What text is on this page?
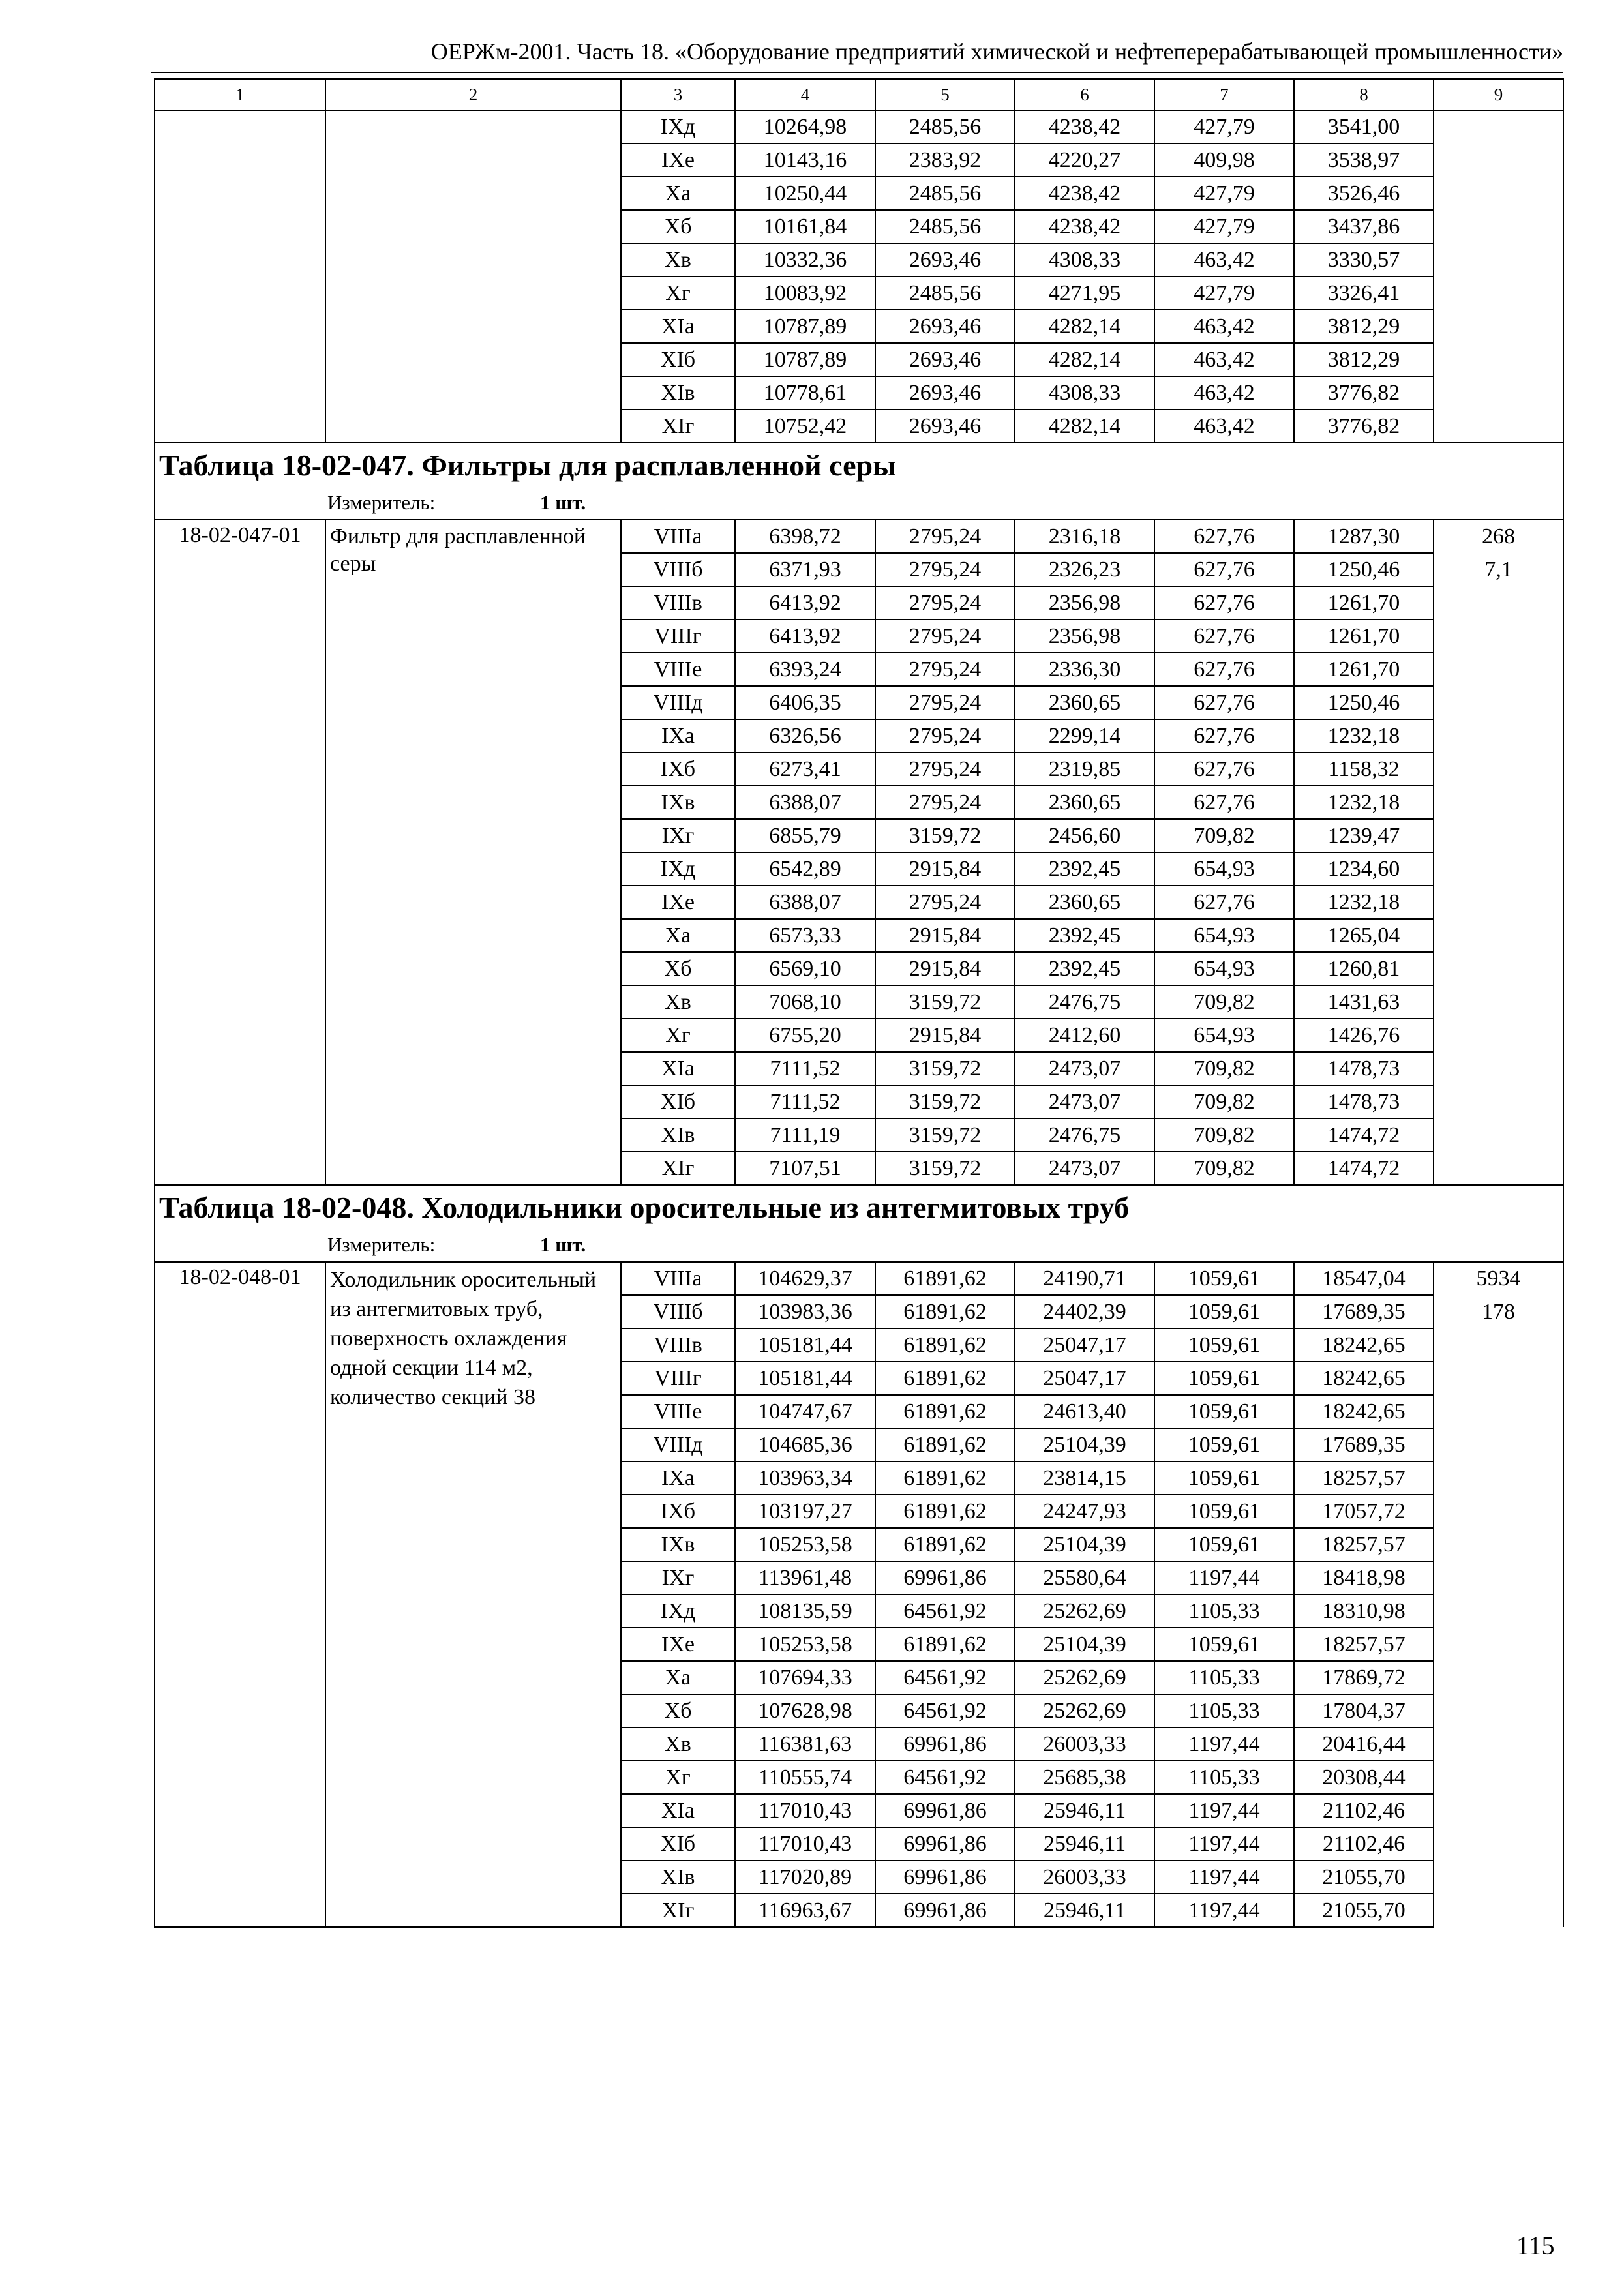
ОЕРЖм-2001. Часть 18. «Оборудование предприятий химической и нефтеперерабатывающей промышленности»
1	2	3	4	5	6	7	8	9
		IXд	10264,98	2485,56	4238,42	427,79	3541,00	
		IXе	10143,16	2383,92	4220,27	409,98	3538,97	
		Xа	10250,44	2485,56	4238,42	427,79	3526,46	
		Xб	10161,84	2485,56	4238,42	427,79	3437,86	
		Xв	10332,36	2693,46	4308,33	463,42	3330,57	
		Xг	10083,92	2485,56	4271,95	427,79	3326,41	
		XIа	10787,89	2693,46	4282,14	463,42	3812,29	
		XIб	10787,89	2693,46	4282,14	463,42	3812,29	
		XIв	10778,61	2693,46	4308,33	463,42	3776,82	
		XIг	10752,42	2693,46	4282,14	463,42	3776,82	
Таблица 18-02-047. Фильтры для расплавленной серы								
Измеритель: 1 шт.								
18-02-047-01	Фильтр для расплавленной серы	VIIIа	6398,72	2795,24	2316,18	627,76	1287,30	268
		VIIIб	6371,93	2795,24	2326,23	627,76	1250,46	7,1
		VIIIв	6413,92	2795,24	2356,98	627,76	1261,70	
		VIIIг	6413,92	2795,24	2356,98	627,76	1261,70	
		VIIIе	6393,24	2795,24	2336,30	627,76	1261,70	
		VIIIд	6406,35	2795,24	2360,65	627,76	1250,46	
		IXа	6326,56	2795,24	2299,14	627,76	1232,18	
		IXб	6273,41	2795,24	2319,85	627,76	1158,32	
		IXв	6388,07	2795,24	2360,65	627,76	1232,18	
		IXг	6855,79	3159,72	2456,60	709,82	1239,47	
		IXд	6542,89	2915,84	2392,45	654,93	1234,60	
		IXе	6388,07	2795,24	2360,65	627,76	1232,18	
		Xа	6573,33	2915,84	2392,45	654,93	1265,04	
		Xб	6569,10	2915,84	2392,45	654,93	1260,81	
		Xв	7068,10	3159,72	2476,75	709,82	1431,63	
		Xг	6755,20	2915,84	2412,60	654,93	1426,76	
		XIа	7111,52	3159,72	2473,07	709,82	1478,73	
		XIб	7111,52	3159,72	2473,07	709,82	1478,73	
		XIв	7111,19	3159,72	2476,75	709,82	1474,72	
		XIг	7107,51	3159,72	2473,07	709,82	1474,72	
Таблица 18-02-048. Холодильники оросительные из антегмитовых труб								
Измеритель: 1 шт.								
18-02-048-01	Холодильник оросительный из антегмитовых труб, поверхность охлаждения одной секции 114 м2, количество секций 38	VIIIа	104629,37	61891,62	24190,71	1059,61	18547,04	5934
		VIIIб	103983,36	61891,62	24402,39	1059,61	17689,35	178
		VIIIв	105181,44	61891,62	25047,17	1059,61	18242,65	
		VIIIг	105181,44	61891,62	25047,17	1059,61	18242,65	
		VIIIе	104747,67	61891,62	24613,40	1059,61	18242,65	
		VIIIд	104685,36	61891,62	25104,39	1059,61	17689,35	
		IXа	103963,34	61891,62	23814,15	1059,61	18257,57	
		IXб	103197,27	61891,62	24247,93	1059,61	17057,72	
		IXв	105253,58	61891,62	25104,39	1059,61	18257,57	
		IXг	113961,48	69961,86	25580,64	1197,44	18418,98	
		IXд	108135,59	64561,92	25262,69	1105,33	18310,98	
		IXе	105253,58	61891,62	25104,39	1059,61	18257,57	
		Xа	107694,33	64561,92	25262,69	1105,33	17869,72	
		Xб	107628,98	64561,92	25262,69	1105,33	17804,37	
		Xв	116381,63	69961,86	26003,33	1197,44	20416,44	
		Xг	110555,74	64561,92	25685,38	1105,33	20308,44	
		XIа	117010,43	69961,86	25946,11	1197,44	21102,46	
		XIб	117010,43	69961,86	25946,11	1197,44	21102,46	
		XIв	117020,89	69961,86	26003,33	1197,44	21055,70	
		XIг	116963,67	69961,86	25946,11	1197,44	21055,70	
115
